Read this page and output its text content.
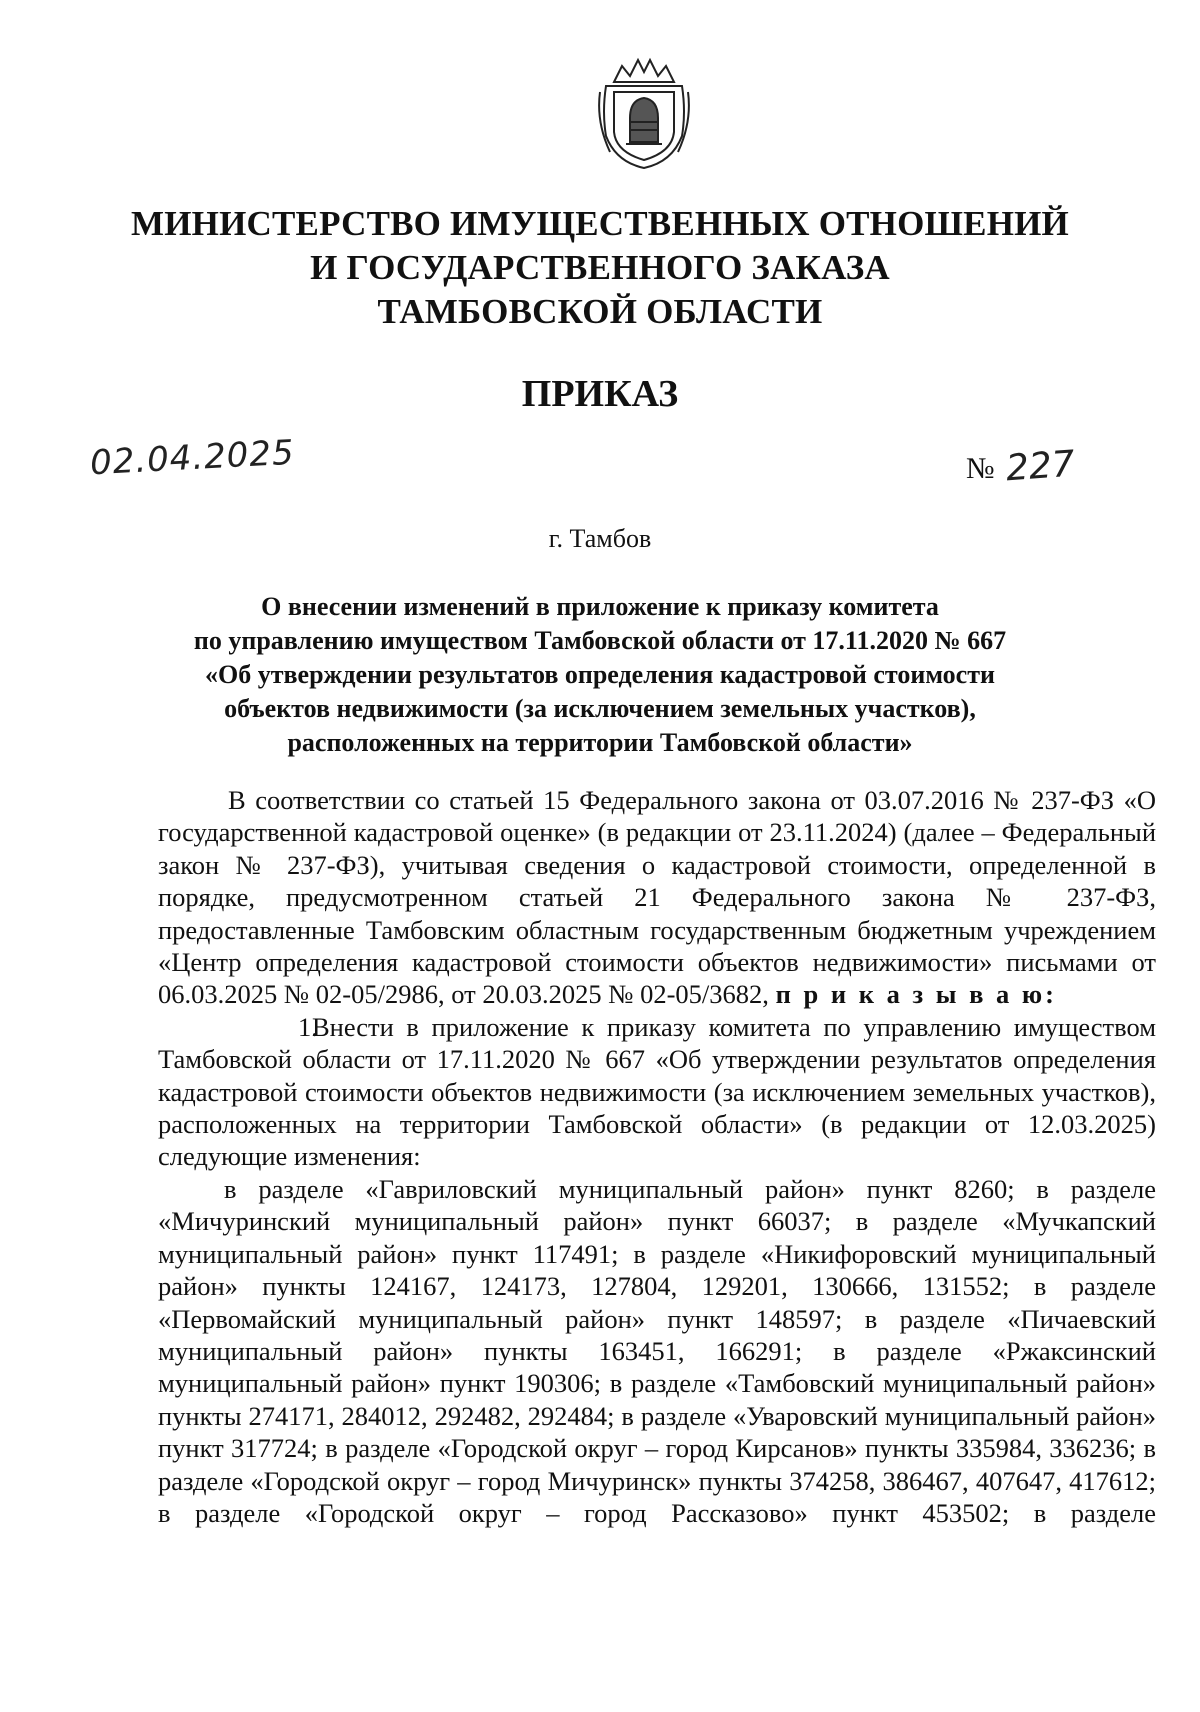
МИНИСТЕРСТВО ИМУЩЕСТВЕННЫХ ОТНОШЕНИЙ
И ГОСУДАРСТВЕННОГО ЗАКАЗА
ТАМБОВСКОЙ ОБЛАСТИ
ПРИКАЗ
02.04.2025	№ 227
г. Тамбов
О внесении изменений в приложение к приказу комитета
по управлению имуществом Тамбовской области от 17.11.2020 № 667
«Об утверждении результатов определения кадастровой стоимости
объектов недвижимости (за исключением земельных участков),
расположенных на территории Тамбовской области»

В соответствии со статьей 15 Федерального закона от 03.07.2016 № 237-ФЗ «О государственной кадастровой оценке» (в редакции от 23.11.2024) (далее – Федеральный закон № 237-ФЗ), учитывая сведения о кадастровой стоимости, определенной в порядке, предусмотренном статьей 21 Федерального закона № 237-ФЗ, предоставленные Тамбовским областным государственным бюджетным учреждением «Центр определения кадастровой стоимости объектов недвижимости» письмами от 06.03.2025 № 02-05/2986, от 20.03.2025 № 02-05/3682, п р и к а з ы в а ю:

1.Внести в приложение к приказу комитета по управлению имуществом Тамбовской области от 17.11.2020 № 667 «Об утверждении результатов определения кадастровой стоимости объектов недвижимости (за исключением земельных участков), расположенных на территории Тамбовской области» (в редакции от 12.03.2025) следующие изменения:

в разделе «Гавриловский муниципальный район» пункт 8260; в разделе «Мичуринский муниципальный район» пункт 66037; в разделе «Мучкапский муниципальный район» пункт 117491; в разделе «Никифоровский муниципальный район» пункты 124167, 124173, 127804, 129201, 130666, 131552; в разделе «Первомайский муниципальный район» пункт 148597; в разделе «Пичаевский муниципальный район» пункты 163451, 166291; в разделе «Ржаксинский муниципальный район» пункт 190306; в разделе «Тамбовский муниципальный район» пункты 274171, 284012, 292482, 292484; в разделе «Уваровский муниципальный район» пункт 317724; в разделе «Городской округ – город Кирсанов» пункты 335984, 336236; в разделе «Городской округ – город Мичуринск» пункты 374258, 386467, 407647, 417612; в разделе «Городской округ – город Рассказово» пункт 453502; в разделе
